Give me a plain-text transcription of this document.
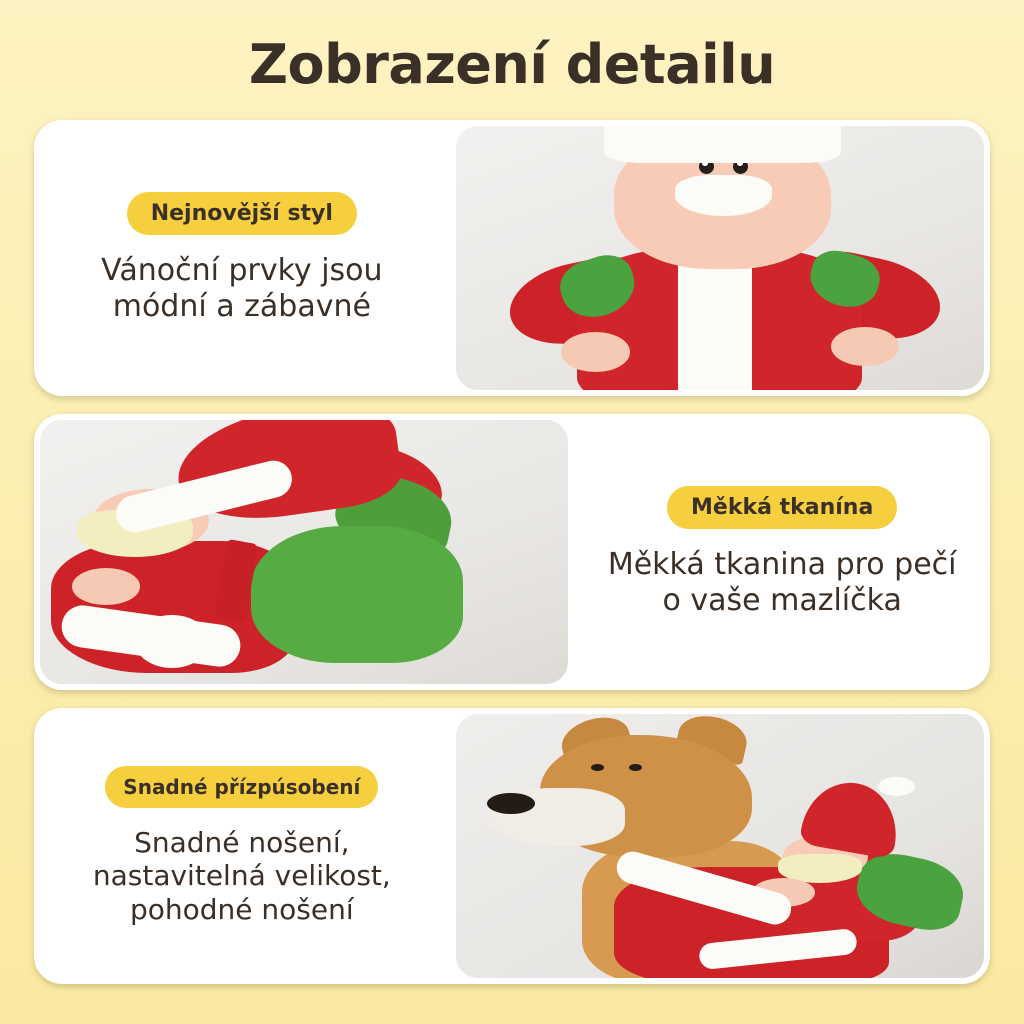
Zobrazení detailu
Nejnovější styl
Vánoční prvky jsou módní a zábavné
Měkká tkanína
Měkká tkanina pro pečí o vaše mazlíčka
Snadné přízpúsobení
Snadné nošení, nastavitelná velikost, pohodné nošení
